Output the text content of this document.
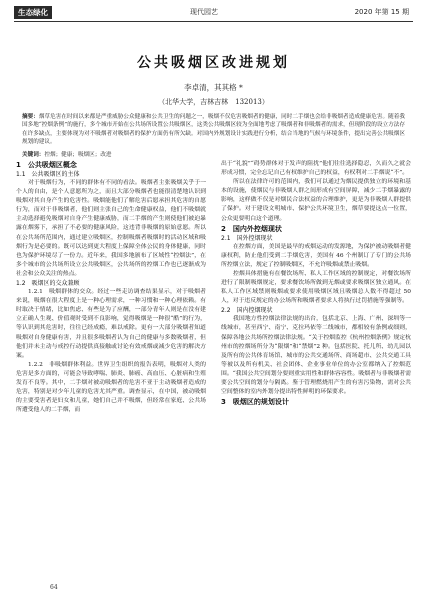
生态绿化	现代园艺	2020 年第 15 期
公共吸烟区改进规划
李卓清，其其格 *
（北华大学，吉林吉林　132013）
摘要：烟草危害在时间以来都是严重威胁公众健康和公共卫生的问题之一，吸烟不仅危害吸烟者的健康，同时二手烟也会给非吸烟者造成健康危害。随着我国多地“控烟条例”的施行，多个城市开始在公共场所设置公共吸烟区，这类公共吸烟区较为全面地考虑了吸烟者和非吸烟者的需求，但现阶段的设立方法存在许多缺点，主要体现为对不吸烟者对吸烟者的保护方面仍有所欠缺。对国内外规划设计实践进行分析，结合当地的气候与环境条件，提出完善公共吸烟区规划的建议。
关键词：控烟；健康；吸烟区；改进
1　公共吸烟区概念
1.1　公共吸烟区的主体
对于吸烟行为，不同的群体有不同的看法。吸烟者主张吸烟关乎于一个人的自由，是个人意愿所为之，而且大部分吸烟者也能很清楚地认识到吸烟对其自身产生的危害性。吸烟能他们了解危害后愿承担其危害的自愿行为，而对于非吸烟者，他们则主张自己的生命健康权益，他们不吸烟就主动选择避免吸烟对自身产生健康威胁，而二手烟的产生则使他们被迫暴露在烟雾下，承担了不必要的健康风险，这违背非吸烟的原始意愿。所以在公共场所范围内，通过建立吸烟区，控制吸烟者吸烟时的活动区域和吸烟行为是必要的。既可以达到更大程度上保障全体公民的身体健康，同时也为保护环境尽了一份力。近年来，我国多地颁布了区域性“控烟法”，在多个城市的公共场所设立公共吸烟区，公共场所的控烟工作也已逐渐成为社会和公众关注的热点。
1.2　吸烟区的交众兼顾
1.2.1　吸烟群体的交众。经过一些走访调查结果显示，对于吸烟者来说，吸烟在很大程度上是一种心理需求，一种习惯和一种心理依赖。有时取决于情绪，比如焦虑、有些是为了应酬，一部分青年人则是在没有建立正确人生观、价值观时受到不良影响，觉得吸烟是一种很“酷”的行为，等认识到其危害时，往往已经成瘾，难以戒除。更有一大部分吸烟者知道吸烟对自身健康有害，并且很多吸烟者认为自己的健康与多数吸烟者，但他们并未主动与戒控行动提供真接触或讨论有效戒烟或减少危害的解决方案。
1.2.2　非吸烟群体利益。世界卫生组织的报告表明，吸烟对人类的危害是多方面的，可能会导致哮喘、肺炎、肺癌、高血压、心脏病和生殖发育不良等。其中，二手烟对被动吸烟者的危害不亚于主动吸烟者造成的危害，特别是对少年儿童的危害尤其严重。调查显示，在中国，被动吸烟的主要受害者是妇女和儿童，她们自己并不吸烟，但经常在家庭、公共场所遭受他人的二手烟，而
出于“礼貌”“碍势群体对于发声的阻扰”他们往往选择隐忍，久而久之就会形成习惯，完全忘记自己有权维护自己的权益，有权利对二手烟说“不”。
所以在法律许可的范围内，我们可以通过为烟民提供独立的环境和基本的设施，使烟民与非吸烟人群之间形成有空间屏障，减少二手烟暴露的影响，这样做不仅是对烟民合法权益的合理维护，更是为非吸烟人群提供了保护。对于建设文明城市、保护公共环境卫生，烟草要提这点一位置，公众更要明白这个道理。
2　国内外控烟现状
2.1　国外控烟现状
在控烟方面，美国是最早的戒烟运动的发源地，为保护被动吸烟者健康权利，防止他们受到二手烟危害，美国有 46 个州制订了专门的公共场所控烟立法，规定了控制吸烟区，不允许吸烟或禁止吸烟。
控烟具体措施有在餐饮场所、私人工作区域的控制规定，对餐饮场所进行了限制吸烟规定，要求餐饮场所做到无烟或要求吸烟区独立通风。在私人工作区域禁则吸烟或要求使用吸烟区域且吸烟总人数不得超过 50 人，对于违反规定的办公场所和吸烟者要求人将执行过罚措施等强制等。
2.2　国内控烟现状
我国地方性控烟法律法规的出台，包括北京、上海、广州、深圳等一线城市，甚至西宁、南宁、克拉玛依等二线城市，都相较有条例或细则，保障各地公共场所控烟法律法规。“关于控烟监控《杭州控烟条例》规定杭州市的控烟场所分为“限烟”和“禁烟”2 种。包括医院、托儿所、幼儿园以及所有的公共体育场馆、城市的公共交通场所、商场超市、公共交通工具等被以及所有机关、社会团体、企业事业单位的办公室都纳入了控烟范围。“我国公共空间划分要则重实用性和群体容容性。吸烟者与非吸烟者需要公共空间的划分与隔离。鉴于管理燃烧用产生的有害污染物，需对公共空间整体的室内外划分提出特性鲜明的环保要求。
3　吸烟区的规划设计
64
